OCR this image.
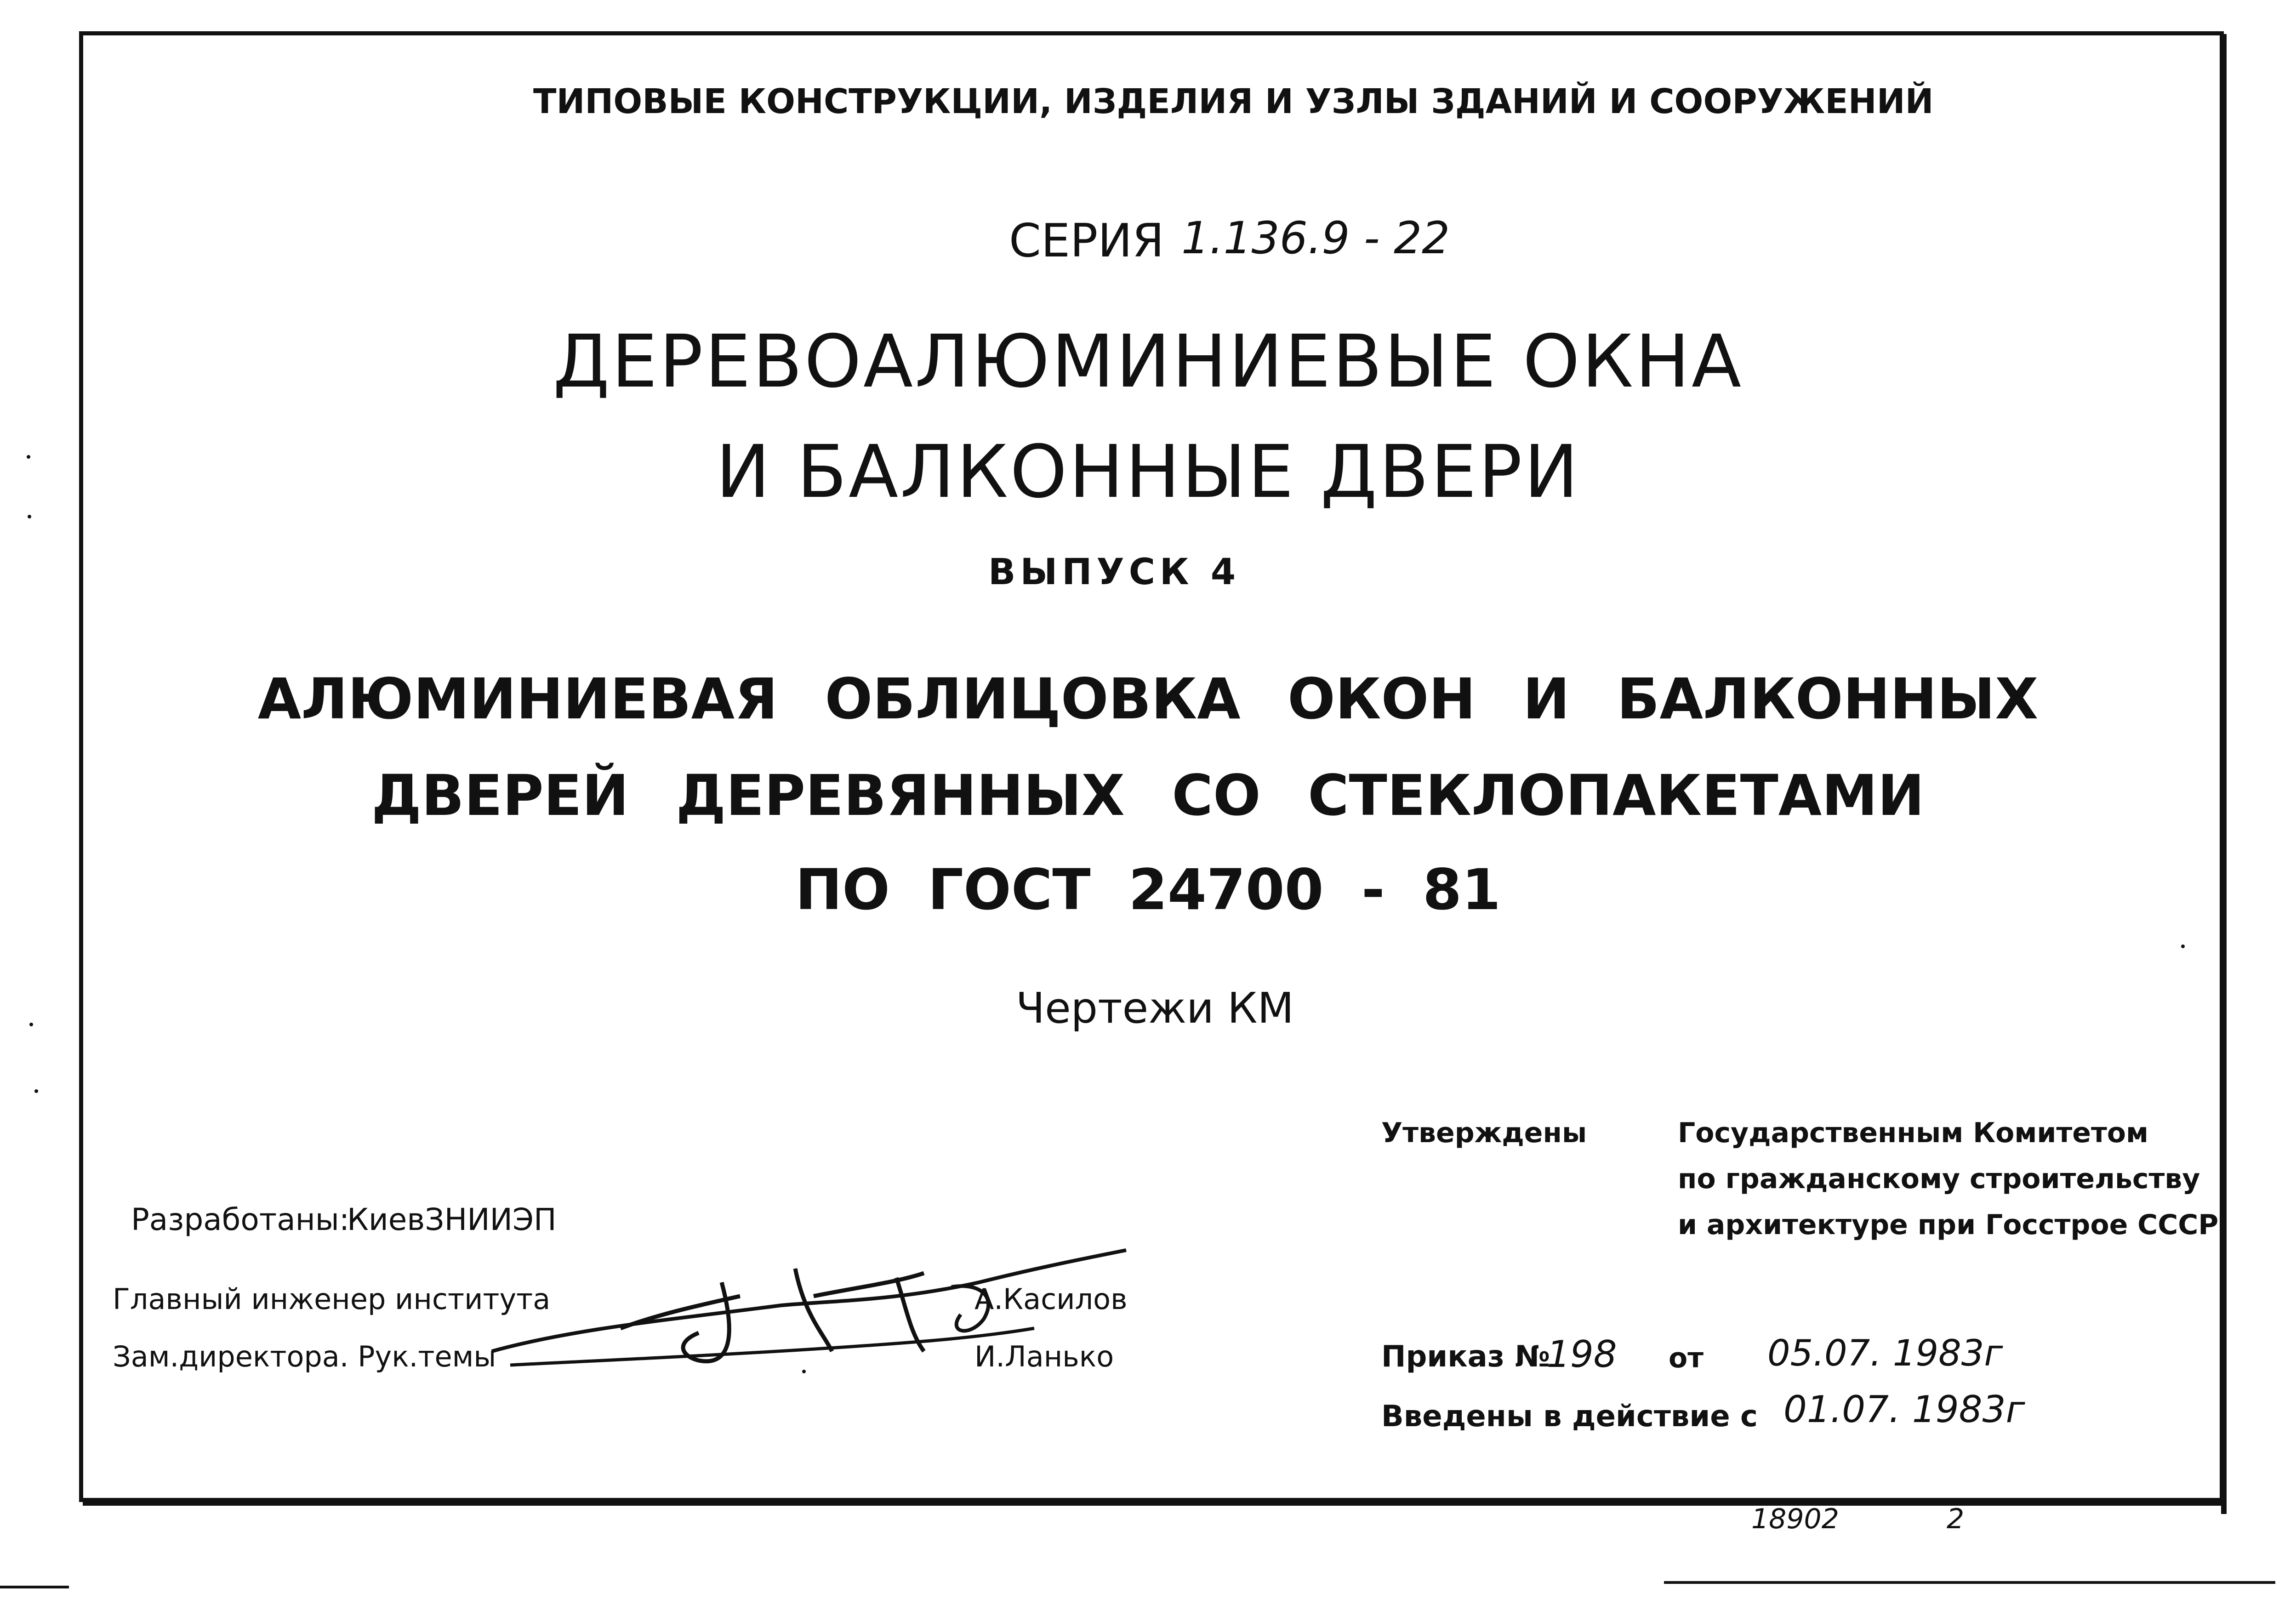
ТИПОВЫЕ КОНСТРУКЦИИ, ИЗДЕЛИЯ И УЗЛЫ ЗДАНИЙ И СООРУЖЕНИЙ
СЕРИЯ 1.136.9 - 22
ДЕРЕВОАЛЮМИНИЕВЫЕ ОКНА
И БАЛКОННЫЕ ДВЕРИ
ВЫПУСК 4
АЛЮМИНИЕВАЯ ОБЛИЦОВКА ОКОН И БАЛКОННЫХ
ДВЕРЕЙ ДЕРЕВЯННЫХ СО СТЕКЛОПАКЕТАМИ
ПО ГОСТ 24700 - 81
Чертежи КМ
Разработаны:
КиевЗНИИЭП
Главный инженер института	А.Касилов
Зам.директора. Рук.темы	И.Ланько
Утверждены	Государственным Комитетом
по гражданскому строительству
и архитектуре при Госстрое СССР
Приказ №
198 от 05.07. 1983г
Введены в действие с 01.07. 1983г
18902	2
